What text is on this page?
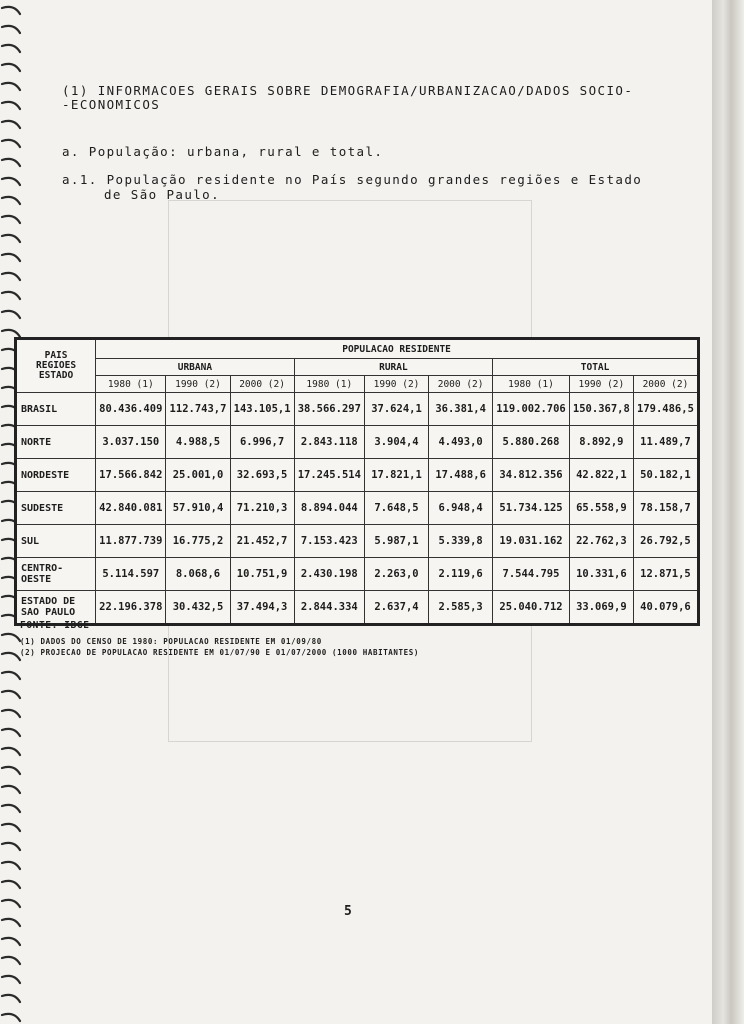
(1) INFORMACOES GERAIS SOBRE DEMOGRAFIA/URBANIZACAO/DADOS SOCIO-
-ECONOMICOS
a. População: urbana, rural e total.
a.1. População residente no País segundo grandes regiões e Estado
de São Paulo.
PAIS
REGIOES
ESTADO	POPULACAO RESIDENTE								
	URBANA			RURAL			TOTAL		
	1980 (1)	1990 (2)	2000 (2)	1980 (1)	1990 (2)	2000 (2)	1980 (1)	1990 (2)	2000 (2)
BRASIL	80.436.409	112.743,7	143.105,1	38.566.297	37.624,1	36.381,4	119.002.706	150.367,8	179.486,5
NORTE	3.037.150	4.988,5	6.996,7	2.843.118	3.904,4	4.493,0	5.880.268	8.892,9	11.489,7
NORDESTE	17.566.842	25.001,0	32.693,5	17.245.514	17.821,1	17.488,6	34.812.356	42.822,1	50.182,1
SUDESTE	42.840.081	57.910,4	71.210,3	8.894.044	7.648,5	6.948,4	51.734.125	65.558,9	78.158,7
SUL	11.877.739	16.775,2	21.452,7	7.153.423	5.987,1	5.339,8	19.031.162	22.762,3	26.792,5
CENTRO-OESTE	5.114.597	8.068,6	10.751,9	2.430.198	2.263,0	2.119,6	7.544.795	10.331,6	12.871,5
ESTADO DE SAO PAULO	22.196.378	30.432,5	37.494,3	2.844.334	2.637,4	2.585,3	25.040.712	33.069,9	40.079,6
FONTE: IBGE
(1) DADOS DO CENSO DE 1980: POPULACAO RESIDENTE EM 01/09/80
(2) PROJECAO DE POPULACAO RESIDENTE EM 01/07/90 E 01/07/2000 (1000 HABITANTES)
5
